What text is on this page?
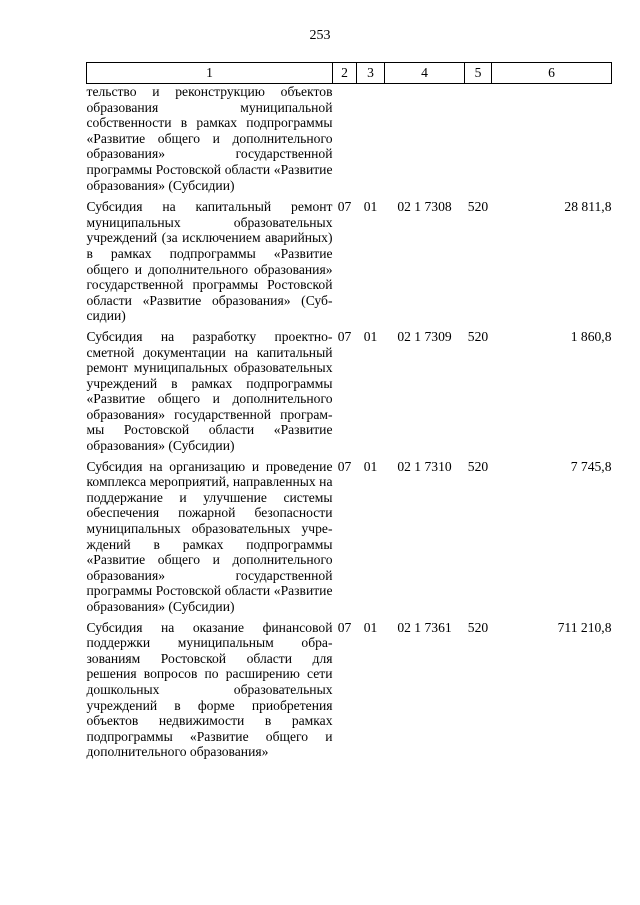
253
1	2	3	4	5	6
тельство и реконструкцию объектов образования муниципальной собственности в рамках подпрограммы «Развитие общего и дополнительного образования» государственной программы Ростовской области «Развитие образования» (Субсидии)					
Субсидия на капитальный ремонт муниципальных образовательных учреждений (за исключением аварийных) в рамках подпрограммы «Развитие общего и дополнительного образования» государственной программы Ростовской области «Развитие образования» (Субсидии)	07	01	02 1 7308	520	28 811,8
Субсидия на разработку проектно-сметной документации на капитальный ремонт муниципальных образовательных учреждений в рамках подпрограммы «Развитие общего и дополнительного образования» государственной программы Ростовской области «Развитие образования» (Субсидии)	07	01	02 1 7309	520	1 860,8
Субсидия на организацию и проведение комплекса мероприятий, направленных на поддержание и улучшение системы обеспечения пожарной безопасности муниципальных образовательных учреждений в рамках подпрограммы «Развитие общего и дополнительного образования» государственной программы Ростовской области «Развитие образования» (Субсидии)	07	01	02 1 7310	520	7 745,8
Субсидия на оказание финансовой поддержки муниципальным образованиям Ростовской области для решения вопросов по расширению сети дошкольных образовательных учреждений в форме приобретения объектов недвижимости в рамках подпрограммы «Развитие общего и дополнительного образования»	07	01	02 1 7361	520	711 210,8
